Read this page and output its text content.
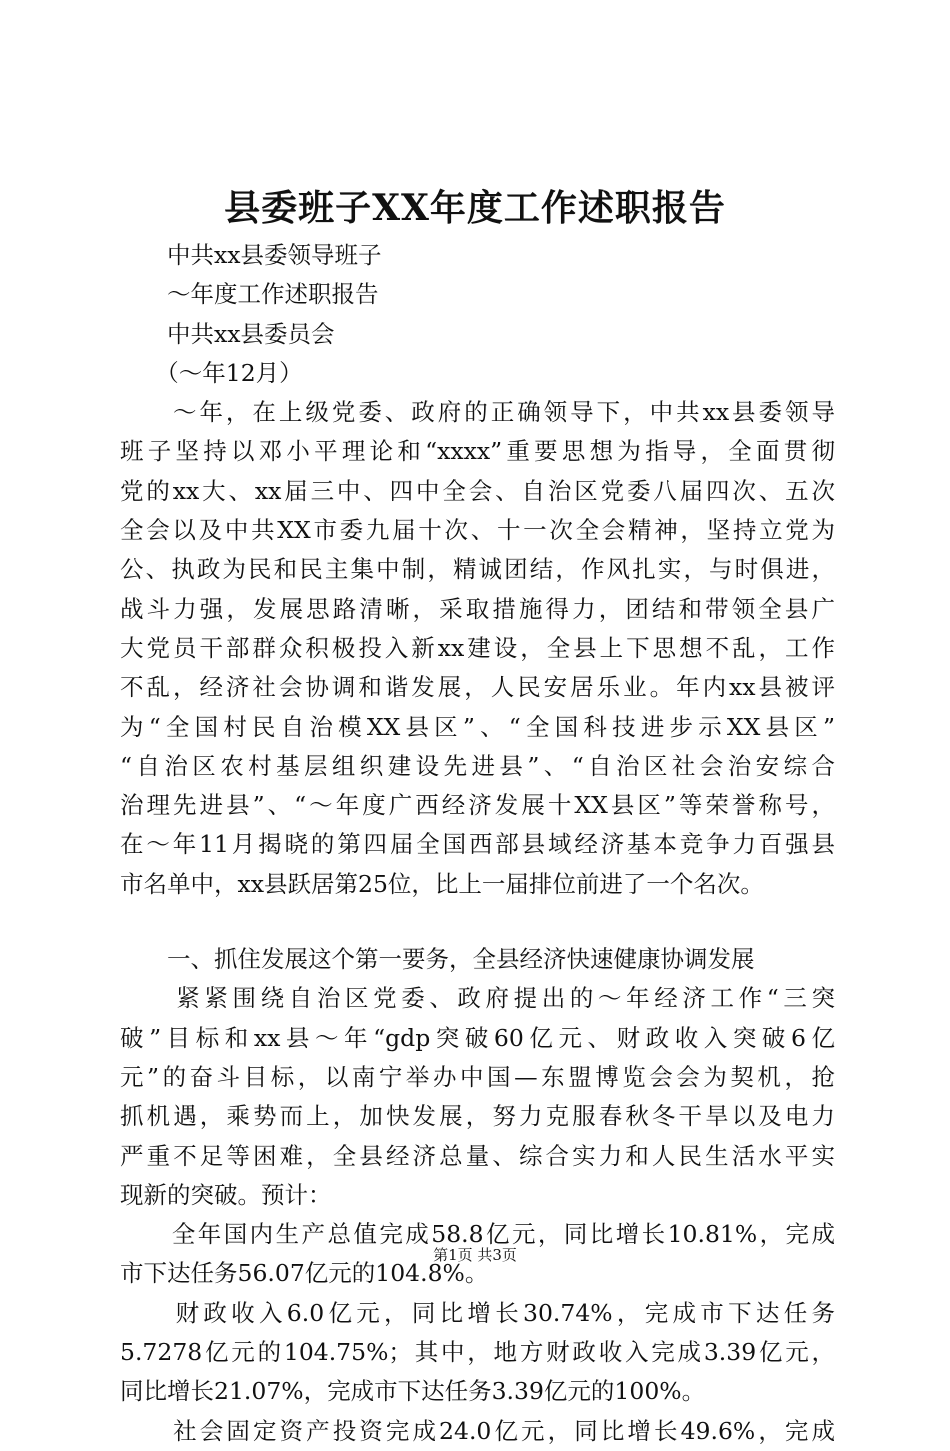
县委班子XX年度工作述职报告
　　中共xx县委领导班子
　　～年度工作述职报告
　　中共xx县委员会
　　（～年12月）
　　～年，在上级党委、政府的正确领导下，中共xx县委领导
班子坚持以邓小平理论和“xxxx”重要思想为指导，全面贯彻
党的xx大、xx届三中、四中全会、自治区党委八届四次、五次
全会以及中共XX市委九届十次、十一次全会精神，坚持立党为
公、执政为民和民主集中制，精诚团结，作风扎实，与时俱进，
战斗力强，发展思路清晰，采取措施得力，团结和带领全县广
大党员干部群众积极投入新xx建设，全县上下思想不乱，工作
不乱，经济社会协调和谐发展，人民安居乐业。年内xx县被评
为“全国村民自治模XX县区”、“全国科技进步示XX县区”
“自治区农村基层组织建设先进县”、“自治区社会治安综合
治理先进县”、“～年度广西经济发展十XX县区”等荣誉称号，
在～年11月揭晓的第四届全国西部县域经济基本竞争力百强县
市名单中，xx县跃居第25位，比上一届排位前进了一个名次。
　　一、抓住发展这个第一要务，全县经济快速健康协调发展
　　紧紧围绕自治区党委、政府提出的～年经济工作“三突
破”目标和xx县～年“gdp突破60亿元、财政收入突破6亿
元”的奋斗目标，以南宁举办中国—东盟博览会会为契机，抢
抓机遇，乘势而上，加快发展，努力克服春秋冬干旱以及电力
严重不足等困难，全县经济总量、综合实力和人民生活水平实
现新的突破。预计：
　　全年国内生产总值完成58.8亿元，同比增长10.81%，完成
市下达任务56.07亿元的104.8%。
　　财政收入6.0亿元，同比增长30.74%，完成市下达任务
5.7278亿元的104.75%；其中，地方财政收入完成3.39亿元，
同比增长21.07%，完成市下达任务3.39亿元的100%。
　　社会固定资产投资完成24.0亿元，同比增长49.6%，完成
第1页 共3页
